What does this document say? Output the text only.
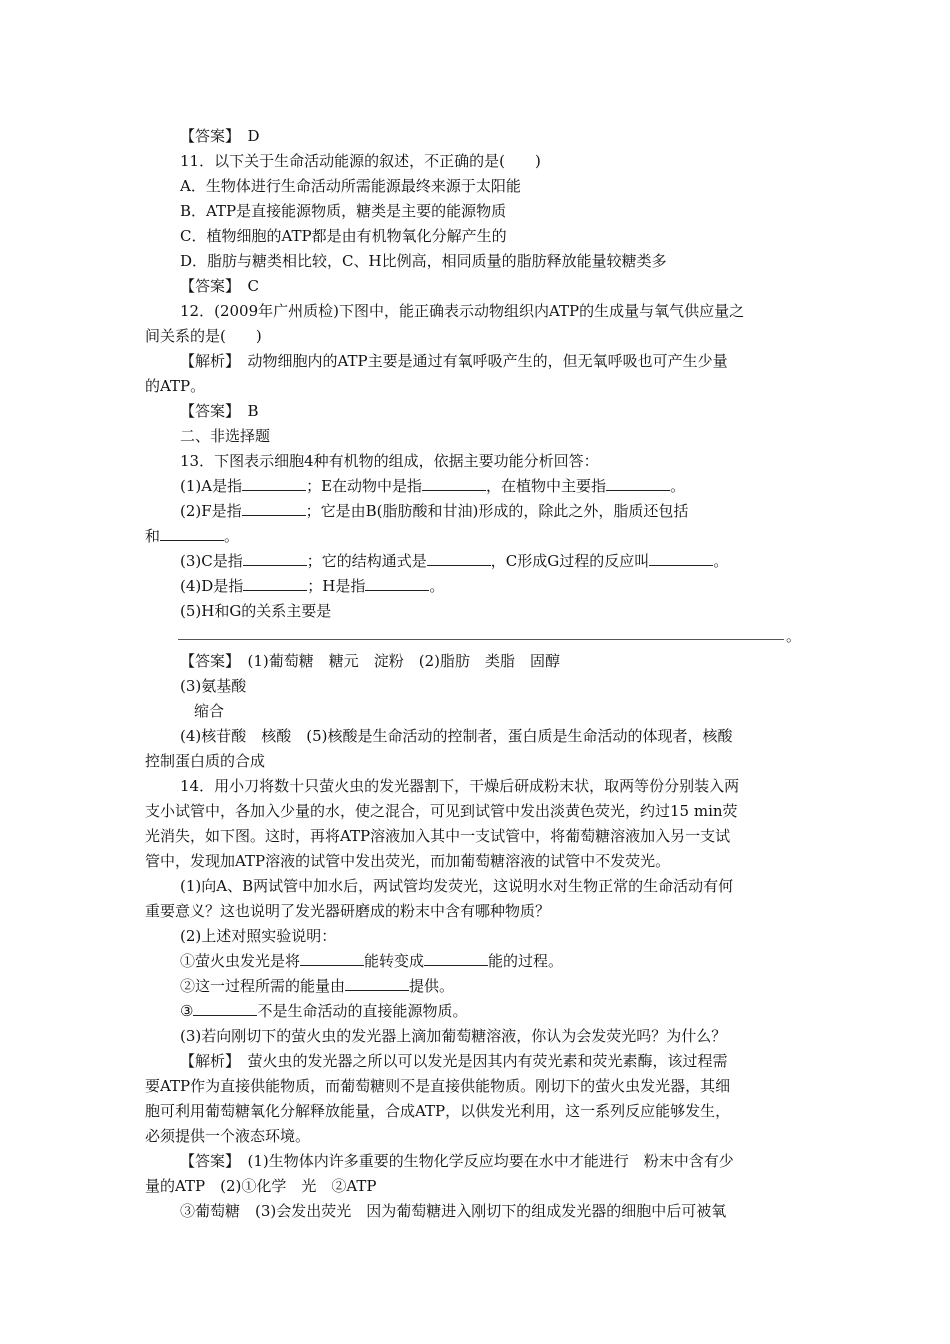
【答案】　D
11．以下关于生命活动能源的叙述，不正确的是(　　)
A．生物体进行生命活动所需能源最终来源于太阳能
B．ATP是直接能源物质，糖类是主要的能源物质
C．植物细胞的ATP都是由有机物氧化分解产生的
D．脂肪与糖类相比较，C、H比例高，相同质量的脂肪释放能量较糖类多
【答案】　C
12．(2009年广州质检)下图中，能正确表示动物组织内ATP的生成量与氧气供应量之
间关系的是(　　)
【解析】　动物细胞内的ATP主要是通过有氧呼吸产生的，但无氧呼吸也可产生少量
的ATP。
【答案】　B
二、非选择题
13．下图表示细胞4种有机物的组成，依据主要功能分析回答：
(1)A是指	；E在动物中是指	，在植物中主要指	。
(2)F是指	；它是由B(脂肪酸和甘油)形成的，除此之外，脂质还包括
和	。
(3)C是指	；它的结构通式是	，C形成G过程的反应叫	。
(4)D是指	；H是指	。
(5)H和G的关系主要是
。
【答案】　(1)葡萄糖　糖元　淀粉　(2)脂肪　类脂　固醇
(3)氨基酸
缩合
(4)核苷酸　核酸　(5)核酸是生命活动的控制者，蛋白质是生命活动的体现者，核酸
控制蛋白质的合成
14．用小刀将数十只萤火虫的发光器割下，干燥后研成粉末状，取两等份分别装入两
支小试管中，各加入少量的水，使之混合，可见到试管中发出淡黄色荧光，约过15 min荧
光消失，如下图。这时，再将ATP溶液加入其中一支试管中，将葡萄糖溶液加入另一支试
管中，发现加ATP溶液的试管中发出荧光，而加葡萄糖溶液的试管中不发荧光。
(1)向A、B两试管中加水后，两试管均发荧光，这说明水对生物正常的生命活动有何
重要意义？这也说明了发光器研磨成的粉末中含有哪种物质？
(2)上述对照实验说明：
①萤火虫发光是将	能转变成	能的过程。
②这一过程所需的能量由	提供。
③	不是生命活动的直接能源物质。
(3)若向刚切下的萤火虫的发光器上滴加葡萄糖溶液，你认为会发荧光吗？为什么？
【解析】　萤火虫的发光器之所以可以发光是因其内有荧光素和荧光素酶，该过程需
要ATP作为直接供能物质，而葡萄糖则不是直接供能物质。刚切下的萤火虫发光器，其细
胞可利用葡萄糖氧化分解释放能量，合成ATP，以供发光利用，这一系列反应能够发生，
必须提供一个液态环境。
【答案】　(1)生物体内许多重要的生物化学反应均要在水中才能进行　粉末中含有少
量的ATP　(2)①化学　光　②ATP
③葡萄糖　(3)会发出荧光　因为葡萄糖进入刚切下的组成发光器的细胞中后可被氧
